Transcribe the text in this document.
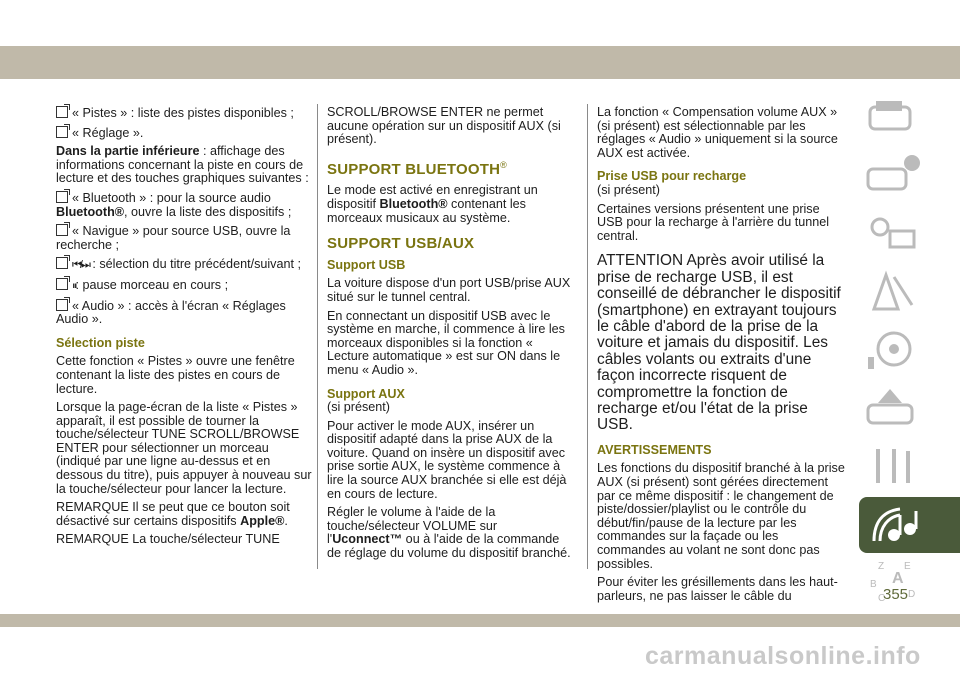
« Pistes » : liste des pistes disponibles ;

« Réglage ».

Dans la partie inférieure : affichage des informations concernant la piste en cours de lecture et des touches graphiques suivantes :

« Bluetooth » : pour la source audio Bluetooth®, ouvre la liste des dispositifs ;

« Navigue » pour source USB, ouvre la recherche ;

⏮/⏭ : sélection du titre précédent/suivant ;

⏸: pause morceau en cours ;

« Audio » : accès à l'écran « Réglages Audio ».

Sélection piste

Cette fonction « Pistes » ouvre une fenêtre contenant la liste des pistes en cours de lecture.

Lorsque la page-écran de la liste « Pistes » apparaît, il est possible de tourner la touche/sélecteur TUNE SCROLL/BROWSE ENTER pour sélectionner un morceau (indiqué par une ligne au-dessus et en dessous du titre), puis appuyer à nouveau sur la touche/sélecteur pour lancer la lecture.

REMARQUE Il se peut que ce bouton soit désactivé sur certains dispositifs Apple®.

REMARQUE La touche/sélecteur TUNE

SCROLL/BROWSE ENTER ne permet aucune opération sur un dispositif AUX (si présent).

SUPPORT BLUETOOTH®

Le mode est activé en enregistrant un dispositif Bluetooth® contenant les morceaux musicaux au système.

SUPPORT USB/AUX

Support USB

La voiture dispose d'un port USB/prise AUX situé sur le tunnel central.

En connectant un dispositif USB avec le système en marche, il commence à lire les morceaux disponibles si la fonction « Lecture automatique » est sur ON dans le menu « Audio ».

Support AUX

(si présent)

Pour activer le mode AUX, insérer un dispositif adapté dans la prise AUX de la voiture. Quand on insère un dispositif avec prise sortie AUX, le système commence à lire la source AUX branchée si elle est déjà en cours de lecture.

Régler le volume à l'aide de la touche/sélecteur VOLUME sur l'Uconnect™ ou à l'aide de la commande de réglage du volume du dispositif branché.

La fonction « Compensation volume AUX » (si présent) est sélectionnable par les réglages « Audio » uniquement si la source AUX est activée.

Prise USB pour recharge

(si présent)

Certaines versions présentent une prise USB pour la recharge à l'arrière du tunnel central.

ATTENTION Après avoir utilisé la prise de recharge USB, il est conseillé de débrancher le dispositif (smartphone) en extrayant toujours le câble d'abord de la prise de la voiture et jamais du dispositif. Les câbles volants ou extraits d'une façon incorrecte risquent de compromettre la fonction de recharge et/ou l'état de la prise USB.

AVERTISSEMENTS

Les fonctions du dispositif branché à la prise AUX (si présent) sont gérées directement par ce même dispositif : le changement de piste/dossier/playlist ou le contrôle du début/fin/pause de la lecture par les commandes sur la façade ou les commandes au volant ne sont donc pas possibles.

Pour éviter les grésillements dans les haut-parleurs, ne pas laisser le câble du

Z E
B A
C D
355
carmanualsonline.info
